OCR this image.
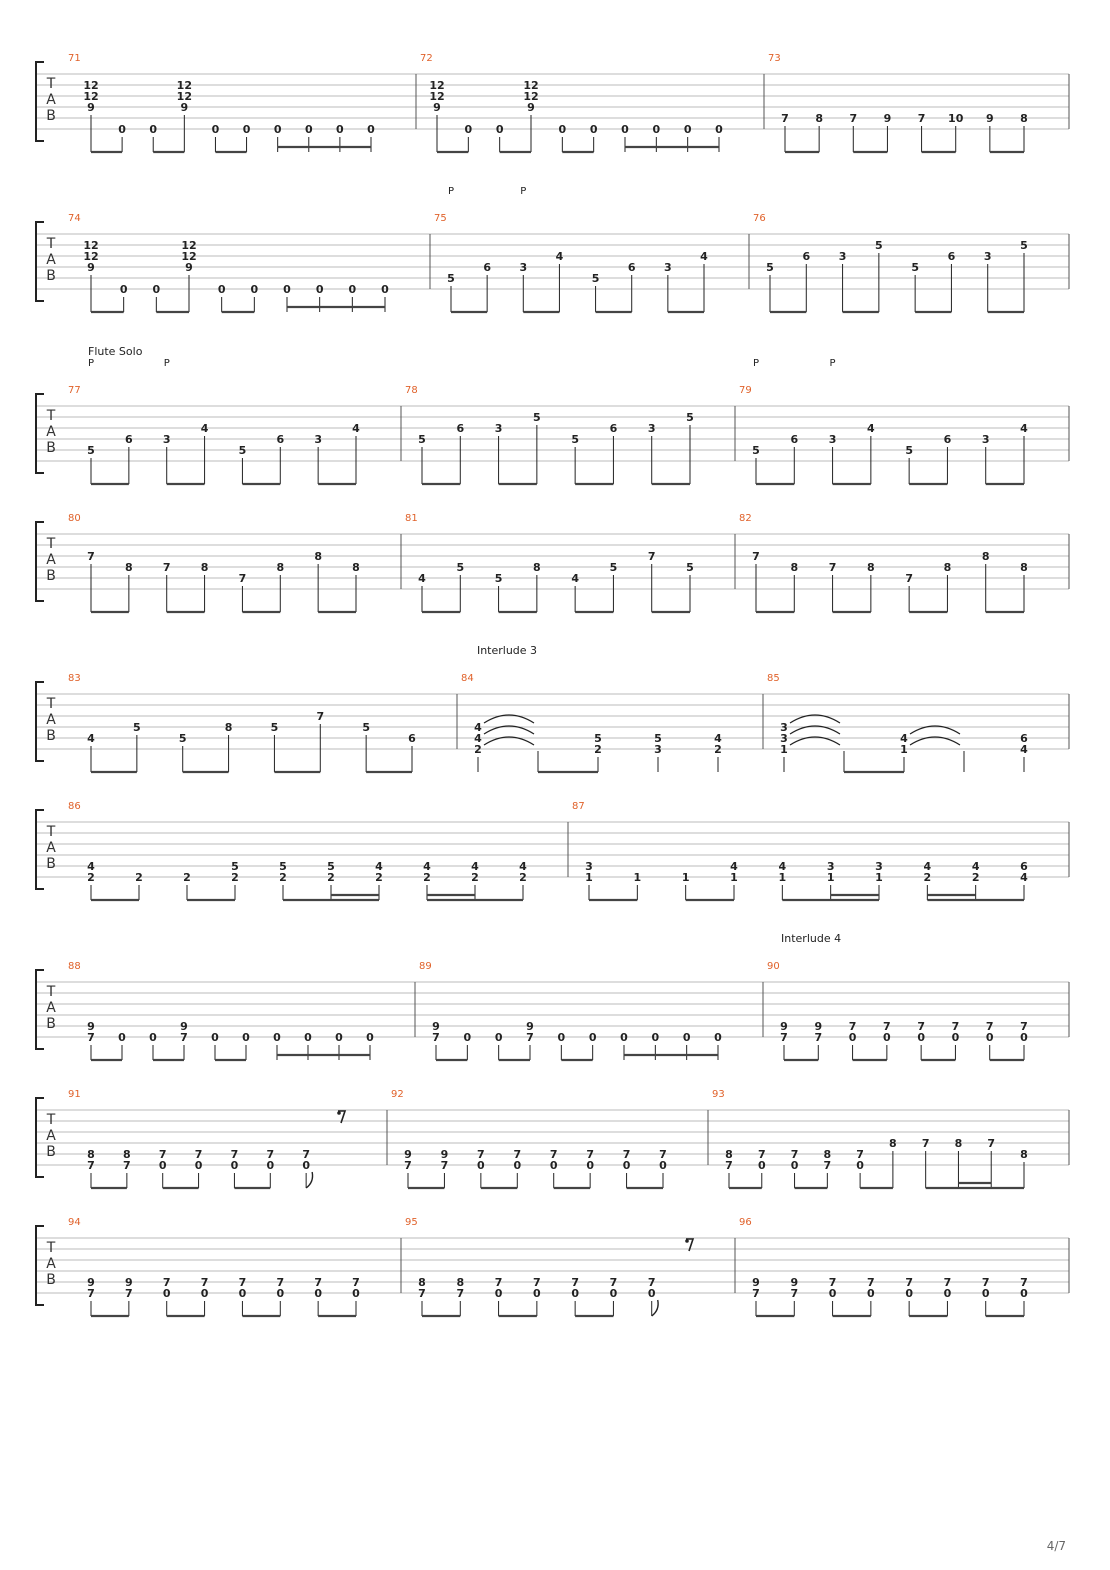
T
A
B
71
12
12
9
0 0
12
12
9
0 0 0 0 0 0
72
12
12
9
0 0
12
12
9
0 0 0 0 0 0
73
7 8 7 9 7 10 9 8
T
A
B
74
12
12
9
0 0
12
12
9
0 0 0 0 0 0
75
5
6	3
4
5
6	3
4
76
5
6	3
5
5
6	3
5
P	P
T
A
B
77
5
6	3
4
5
6	3
4
78
5
6	3
5
5
6	3
5
79
5
6	3
4
5
6	3
4
Flute Solo
P	P	P	P
T
A
B
80
7
8	7	8
7
8
8
8
81
4
5
5
8
4
5
7
5
82
7
8	7	8
7
8
8
8
T
A
B
83
4
5
5
8	5
7
5
6
84
4
4
2
5
2
5
3
4
2
85
3
3
1
4
1
6
4
Interlude 3
T
A
B
86
4
2	2	2
5
2
5
2
5
2
4
2
4
2
4
2
4
2
87
3
1	1	1
4
1
4
1
3
1
3
1
4
2
4
2
6
4
T
A
B
88
9
7 0 0
9
7 0 0 0 0 0 0
89
9
7 0 0
9
7 0 0 0 0 0 0
90
9
7
9
7
7
0
7
0
7
0
7
0
7
0
7
0
Interlude 4
T
A
B
91
8
7
8
7
7
0
7
0
7
0
7
0
7
0
92
9
7
9
7
7
0
7
0
7
0
7
0
7
0
7
0
93
8
7
7
0
7
0
8
7
7
0
8 7 8 7
8
T
A
B
94
9
7
9
7
7
0
7
0
7
0
7
0
7
0
7
0
95
8
7
8
7
7
0
7
0
7
0
7
0
7
0
96
9
7
9
7
7
0
7
0
7
0
7
0
7
0
7
0
4/7
